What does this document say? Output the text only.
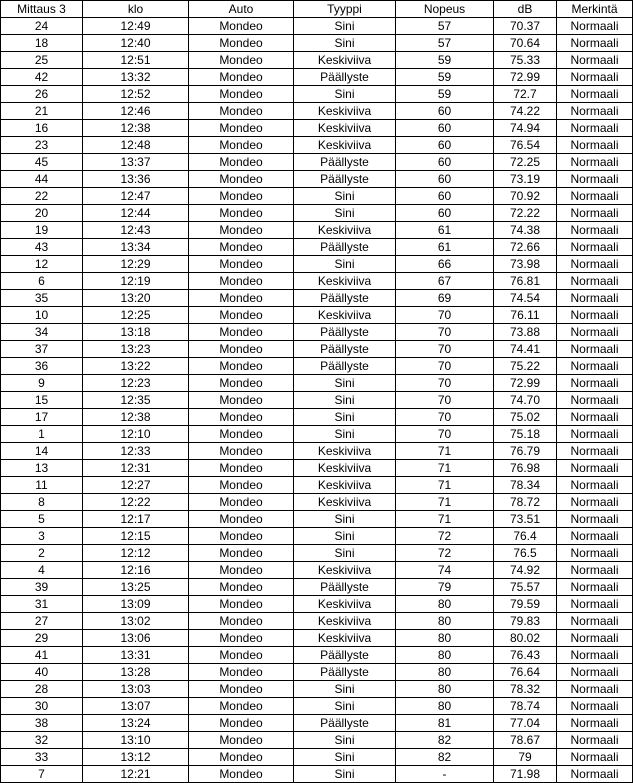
Mittaus 3	klo	Auto	Tyyppi	Nopeus	dB	Merkintä
24	12:49	Mondeo	Sini	57	70.37	Normaali
18	12:40	Mondeo	Sini	57	70.64	Normaali
25	12:51	Mondeo	Keskiviiva	59	75.33	Normaali
42	13:32	Mondeo	Päällyste	59	72.99	Normaali
26	12:52	Mondeo	Sini	59	72.7	Normaali
21	12:46	Mondeo	Keskiviiva	60	74.22	Normaali
16	12:38	Mondeo	Keskiviiva	60	74.94	Normaali
23	12:48	Mondeo	Keskiviiva	60	76.54	Normaali
45	13:37	Mondeo	Päällyste	60	72.25	Normaali
44	13:36	Mondeo	Päällyste	60	73.19	Normaali
22	12:47	Mondeo	Sini	60	70.92	Normaali
20	12:44	Mondeo	Sini	60	72.22	Normaali
19	12:43	Mondeo	Keskiviiva	61	74.38	Normaali
43	13:34	Mondeo	Päällyste	61	72.66	Normaali
12	12:29	Mondeo	Sini	66	73.98	Normaali
6	12:19	Mondeo	Keskiviiva	67	76.81	Normaali
35	13:20	Mondeo	Päällyste	69	74.54	Normaali
10	12:25	Mondeo	Keskiviiva	70	76.11	Normaali
34	13:18	Mondeo	Päällyste	70	73.88	Normaali
37	13:23	Mondeo	Päällyste	70	74.41	Normaali
36	13:22	Mondeo	Päällyste	70	75.22	Normaali
9	12:23	Mondeo	Sini	70	72.99	Normaali
15	12:35	Mondeo	Sini	70	74.70	Normaali
17	12:38	Mondeo	Sini	70	75.02	Normaali
1	12:10	Mondeo	Sini	70	75.18	Normaali
14	12:33	Mondeo	Keskiviiva	71	76.79	Normaali
13	12:31	Mondeo	Keskiviiva	71	76.98	Normaali
11	12:27	Mondeo	Keskiviiva	71	78.34	Normaali
8	12:22	Mondeo	Keskiviiva	71	78.72	Normaali
5	12:17	Mondeo	Sini	71	73.51	Normaali
3	12:15	Mondeo	Sini	72	76.4	Normaali
2	12:12	Mondeo	Sini	72	76.5	Normaali
4	12:16	Mondeo	Keskiviiva	74	74.92	Normaali
39	13:25	Mondeo	Päällyste	79	75.57	Normaali
31	13:09	Mondeo	Keskiviiva	80	79.59	Normaali
27	13:02	Mondeo	Keskiviiva	80	79.83	Normaali
29	13:06	Mondeo	Keskiviiva	80	80.02	Normaali
41	13:31	Mondeo	Päällyste	80	76.43	Normaali
40	13:28	Mondeo	Päällyste	80	76.64	Normaali
28	13:03	Mondeo	Sini	80	78.32	Normaali
30	13:07	Mondeo	Sini	80	78.74	Normaali
38	13:24	Mondeo	Päällyste	81	77.04	Normaali
32	13:10	Mondeo	Sini	82	78.67	Normaali
33	13:12	Mondeo	Sini	82	79	Normaali
7	12:21	Mondeo	Sini	-	71.98	Normaali
